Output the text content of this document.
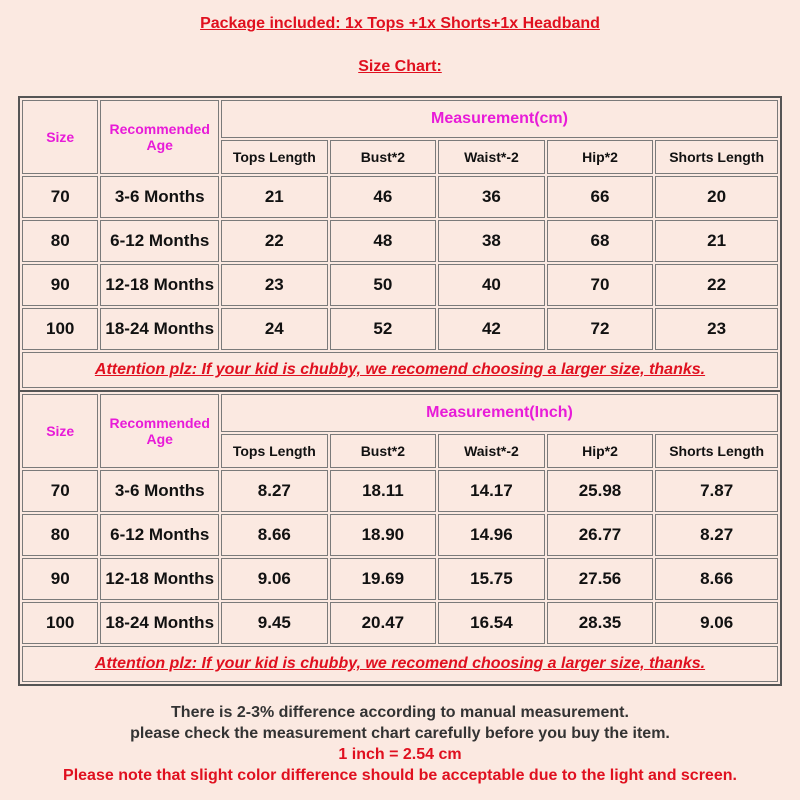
Package included: 1x Tops +1x Shorts+1x Headband
Size Chart:
Size	Recommended Age	Measurement(cm)				
		Tops Length	Bust*2	Waist*-2	Hip*2	Shorts Length
70	3-6 Months	21	46	36	66	20
80	6-12 Months	22	48	38	68	21
90	12-18 Months	23	50	40	70	22
100	18-24 Months	24	52	42	72	23
Attention plz: If your kid is chubby, we recomend choosing a larger size, thanks.						
Size	Recommended Age	Measurement(Inch)				
		Tops Length	Bust*2	Waist*-2	Hip*2	Shorts Length
70	3-6 Months	8.27	18.11	14.17	25.98	7.87
80	6-12 Months	8.66	18.90	14.96	26.77	8.27
90	12-18 Months	9.06	19.69	15.75	27.56	8.66
100	18-24 Months	9.45	20.47	16.54	28.35	9.06
Attention plz: If your kid is chubby, we recomend choosing a larger size, thanks.						
There is 2-3% difference according to manual measurement.
please check the measurement chart carefully before you buy the item.
1 inch = 2.54 cm
Please note that slight color difference should be acceptable due to the light and screen.
